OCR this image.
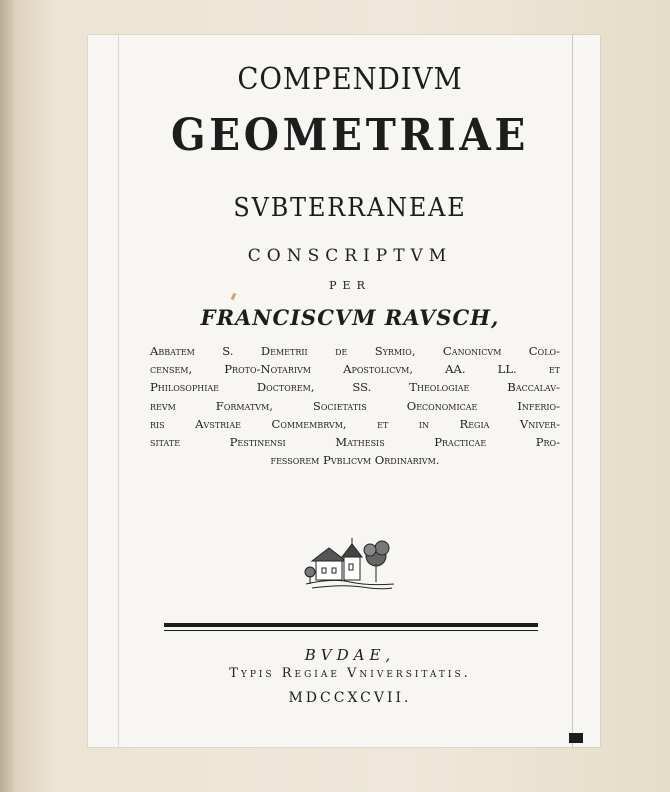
COMPENDIVM
GEOMETRIAE
SVBTERRANEAE
CONSCRIPTVM
PER
FRANCISCVM RAVSCH,
Abbatem S. Demetrii de Syrmio, Canonicvm Colo-
censem, Proto-Notarivm Apostolicvm, AA. LL. et
Philosophiae Doctorem, SS. Theologiae Baccalav-
revm Formatvm, Societatis Oeconomicae Inferio-
ris Avstriae Commembrvm, et in Regia Vniver-
sitate Pestinensi Mathesis Practicae Pro-
fessorem Pvblicvm Ordinarivm.
BVDAE,
Typis Regiae Vniversitatis.
MDCCXCVII.
